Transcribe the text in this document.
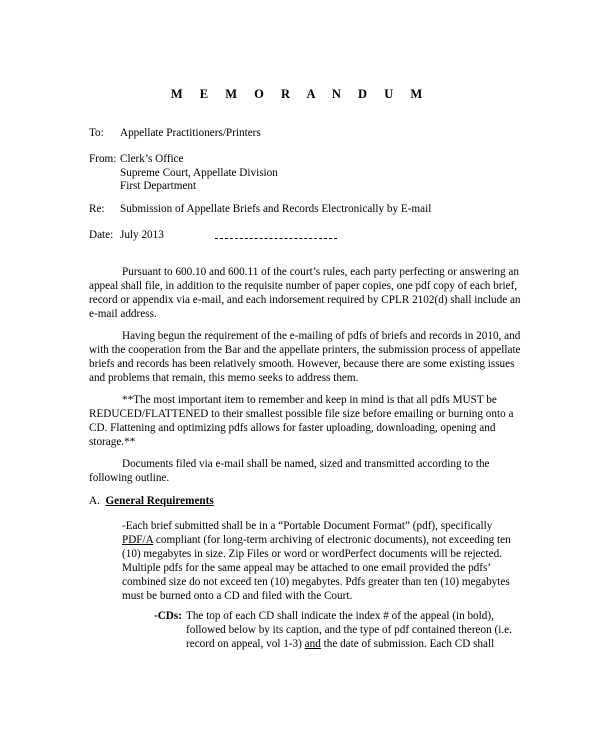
M E M O R A N D U M
To: Appellate Practitioners/Printers
From: Clerk’s Office
Supreme Court, Appellate Division
First Department
Re: Submission of Appellate Briefs and Records Electronically by E-mail
Date: July 2013
Pursuant to 600.10 and 600.11 of the court’s rules, each party perfecting or answering an
appeal shall file, in addition to the requisite number of paper copies, one pdf copy of each brief,
record or appendix via e-mail, and each indorsement required by CPLR 2102(d) shall include an
e-mail address.
Having begun the requirement of the e-mailing of pdfs of briefs and records in 2010, and
with the cooperation from the Bar and the appellate printers, the submission process of appellate
briefs and records has been relatively smooth. However, because there are some existing issues
and problems that remain, this memo seeks to address them.
**The most important item to remember and keep in mind is that all pdfs MUST be
REDUCED/FLATTENED to their smallest possible file size before emailing or burning onto a
CD. Flattening and optimizing pdfs allows for faster uploading, downloading, opening and
storage.**
Documents filed via e-mail shall be named, sized and transmitted according to the
following outline.
A. General Requirements
-Each brief submitted shall be in a “Portable Document Format” (pdf), specifically
PDF/A compliant (for long-term archiving of electronic documents), not exceeding ten
(10) megabytes in size. Zip Files or word or wordPerfect documents will be rejected.
Multiple pdfs for the same appeal may be attached to one email provided the pdfs’
combined size do not exceed ten (10) megabytes. Pdfs greater than ten (10) megabytes
must be burned onto a CD and filed with the Court.
-CDs: The top of each CD shall indicate the index # of the appeal (in bold),
followed below by its caption, and the type of pdf contained thereon (i.e.
record on appeal, vol 1-3) and the date of submission. Each CD shall
